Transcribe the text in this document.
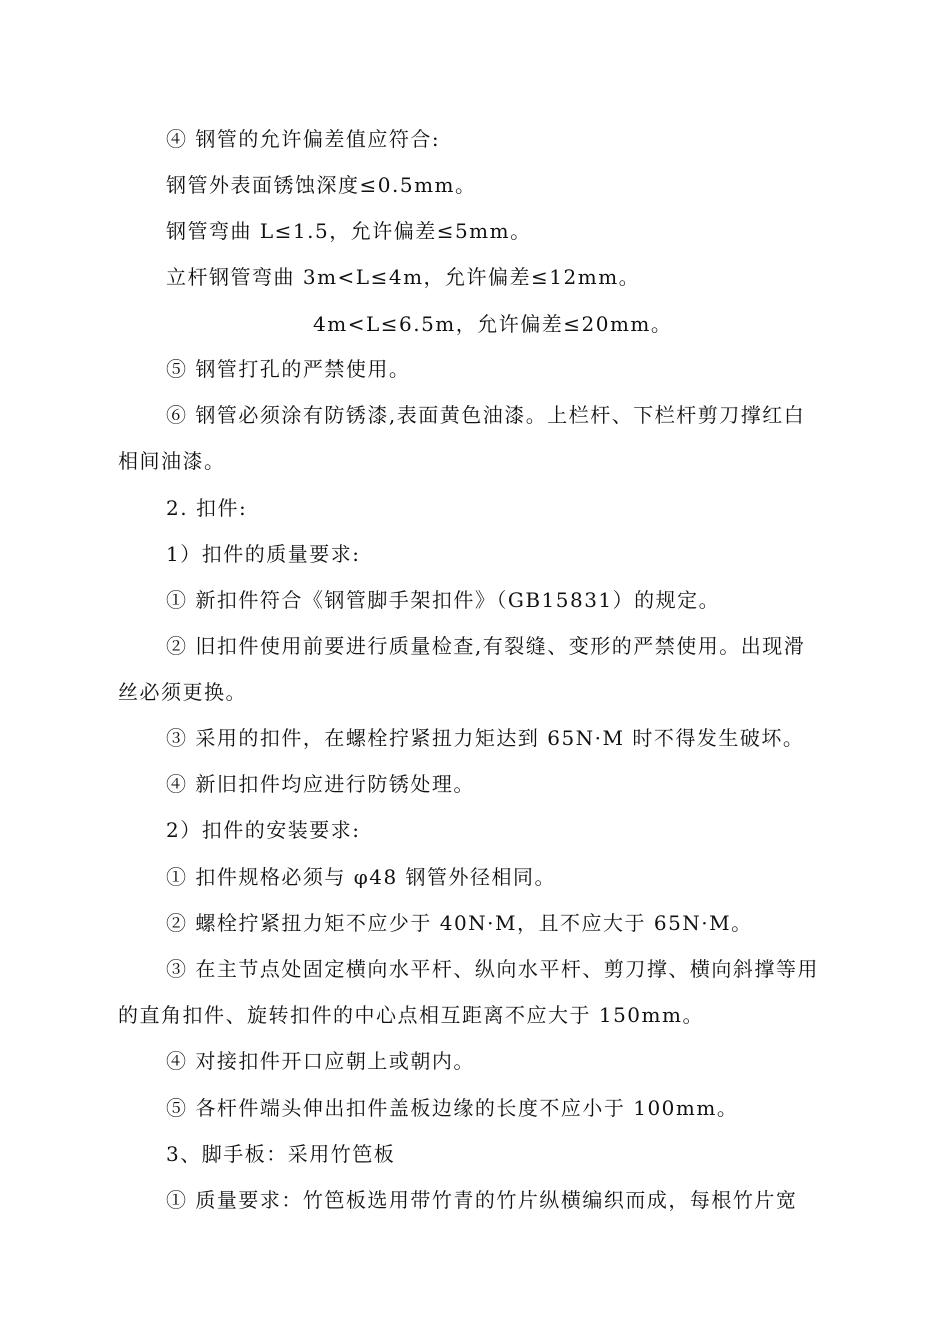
④ 钢管的允许偏差值应符合:
钢管外表面锈蚀深度≤0.5mm。
钢管弯曲 L≤1.5，允许偏差≤5mm。
立杆钢管弯曲 3m<L≤4m，允许偏差≤12mm。
4m<L≤6.5m，允许偏差≤20mm。
⑤ 钢管打孔的严禁使用。
⑥ 钢管必须涂有防锈漆,表面黄色油漆。上栏杆、下栏杆剪刀撑红白
相间油漆。
2. 扣件:
1）扣件的质量要求:
① 新扣件符合《钢管脚手架扣件》（GB15831）的规定。
② 旧扣件使用前要进行质量检查,有裂缝、变形的严禁使用。出现滑
丝必须更换。
③ 采用的扣件，在螺栓拧紧扭力矩达到 65N·M 时不得发生破坏。
④ 新旧扣件均应进行防锈处理。
2）扣件的安装要求:
① 扣件规格必须与 φ48 钢管外径相同。
② 螺栓拧紧扭力矩不应少于 40N·M，且不应大于 65N·M。
③ 在主节点处固定横向水平杆、纵向水平杆、剪刀撑、横向斜撑等用
的直角扣件、旋转扣件的中心点相互距离不应大于 150mm。
④ 对接扣件开口应朝上或朝内。
⑤ 各杆件端头伸出扣件盖板边缘的长度不应小于 100mm。
3、脚手板：采用竹笆板
① 质量要求：竹笆板选用带竹青的竹片纵横编织而成，每根竹片宽
